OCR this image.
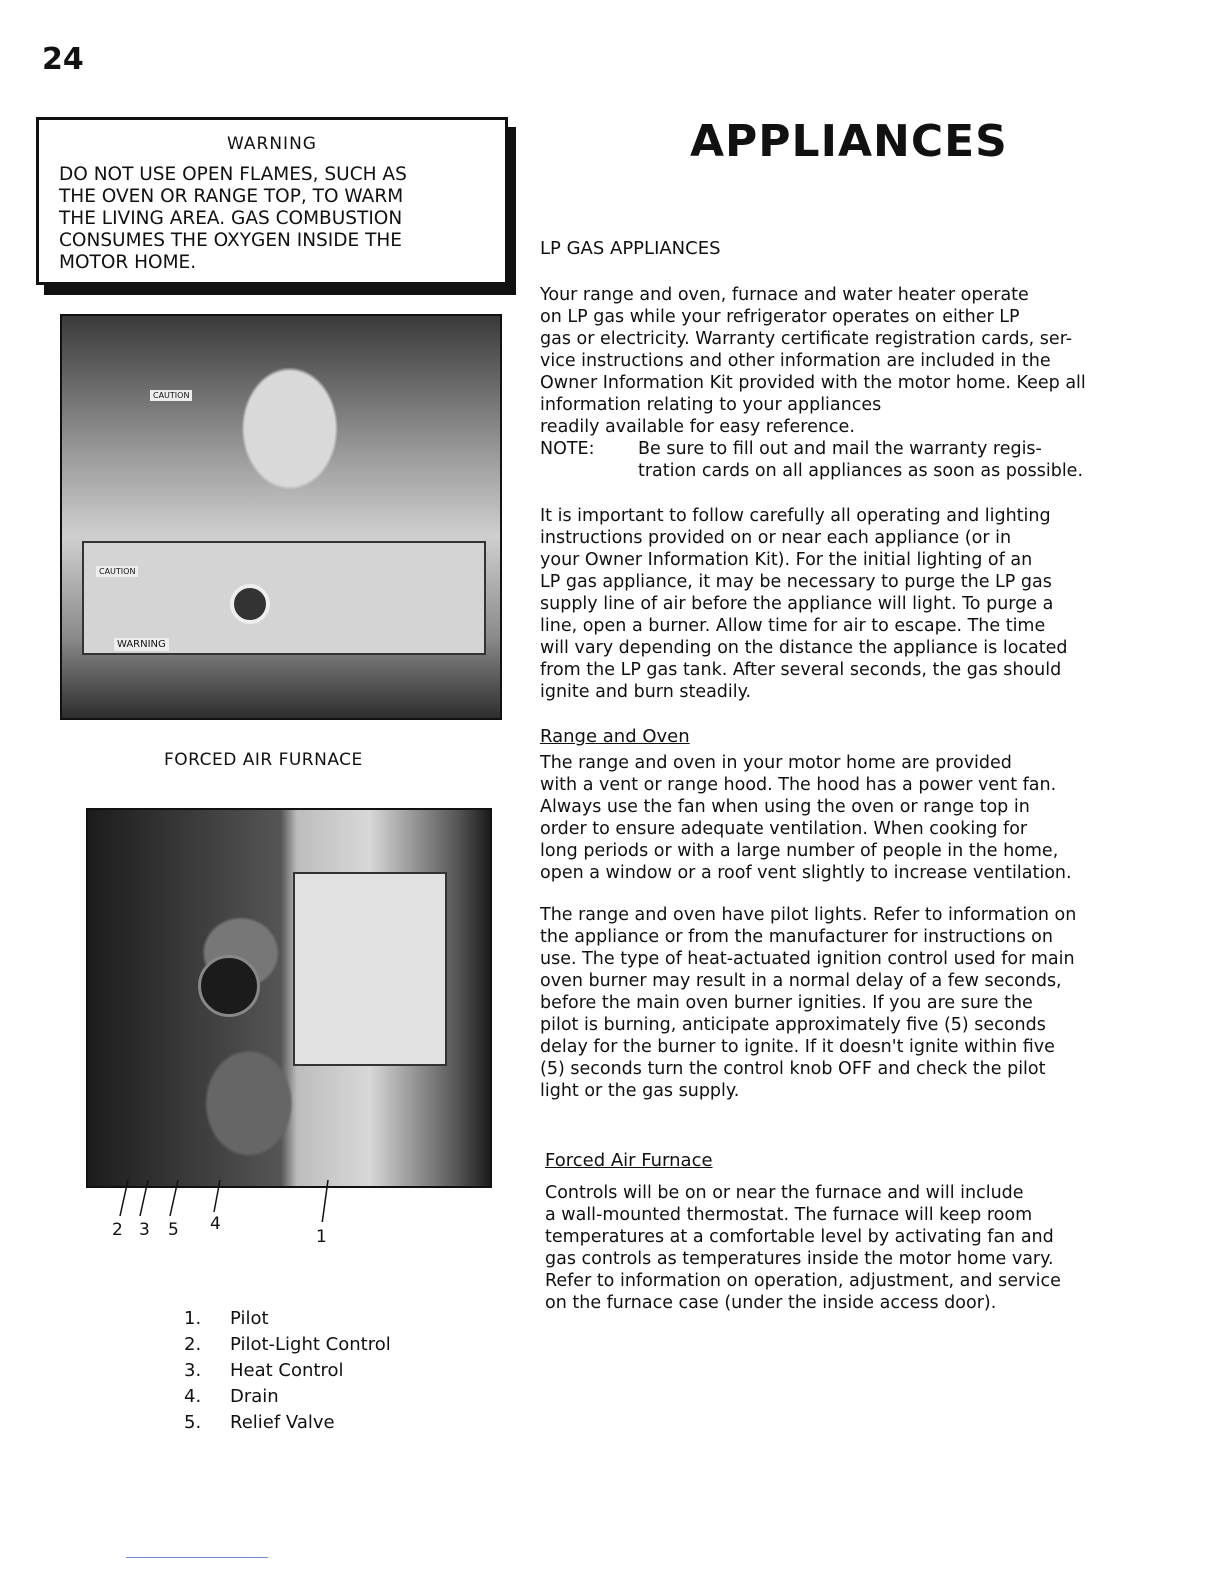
24
WARNING
DO NOT USE OPEN FLAMES, SUCH AS
THE OVEN OR RANGE TOP, TO WARM
THE LIVING AREA. GAS COMBUSTION
CONSUMES THE OXYGEN INSIDE THE
MOTOR HOME.
CAUTION
CAUTION
WARNING
FORCED AIR FURNACE
2 3 5 4
1
1.	Pilot
2.	Pilot-Light Control
3.	Heat Control
4.	Drain
5.	Relief Valve
APPLIANCES
LP GAS APPLIANCES
Your range and oven, furnace and water heater operate
on LP gas while your refrigerator operates on either LP
gas or electricity. Warranty certificate registration cards, ser-
vice instructions and other information are included in the
Owner Information Kit provided with the motor home. Keep all
information relating to your appliances
readily available for easy reference.
NOTE:	Be sure to fill out and mail the warranty regis-
tration cards on all appliances as soon as possible.
It is important to follow carefully all operating and lighting
instructions provided on or near each appliance (or in
your Owner Information Kit). For the initial lighting of an
LP gas appliance, it may be necessary to purge the LP gas
supply line of air before the appliance will light. To purge a
line, open a burner. Allow time for air to escape. The time
will vary depending on the distance the appliance is located
from the LP gas tank. After several seconds, the gas should
ignite and burn steadily.
Range and Oven
The range and oven in your motor home are provided
with a vent or range hood. The hood has a power vent fan.
Always use the fan when using the oven or range top in
order to ensure adequate ventilation. When cooking for
long periods or with a large number of people in the home,
open a window or a roof vent slightly to increase ventilation.
The range and oven have pilot lights. Refer to information on
the appliance or from the manufacturer for instructions on
use. The type of heat-actuated ignition control used for main
oven burner may result in a normal delay of a few seconds,
before the main oven burner ignities. If you are sure the
pilot is burning, anticipate approximately five (5) seconds
delay for the burner to ignite. If it doesn't ignite within five
(5) seconds turn the control knob OFF and check the pilot
light or the gas supply.
Forced Air Furnace
Controls will be on or near the furnace and will include
a wall-mounted thermostat. The furnace will keep room
temperatures at a comfortable level by activating fan and
gas controls as temperatures inside the motor home vary.
Refer to information on operation, adjustment, and service
on the furnace case (under the inside access door).
